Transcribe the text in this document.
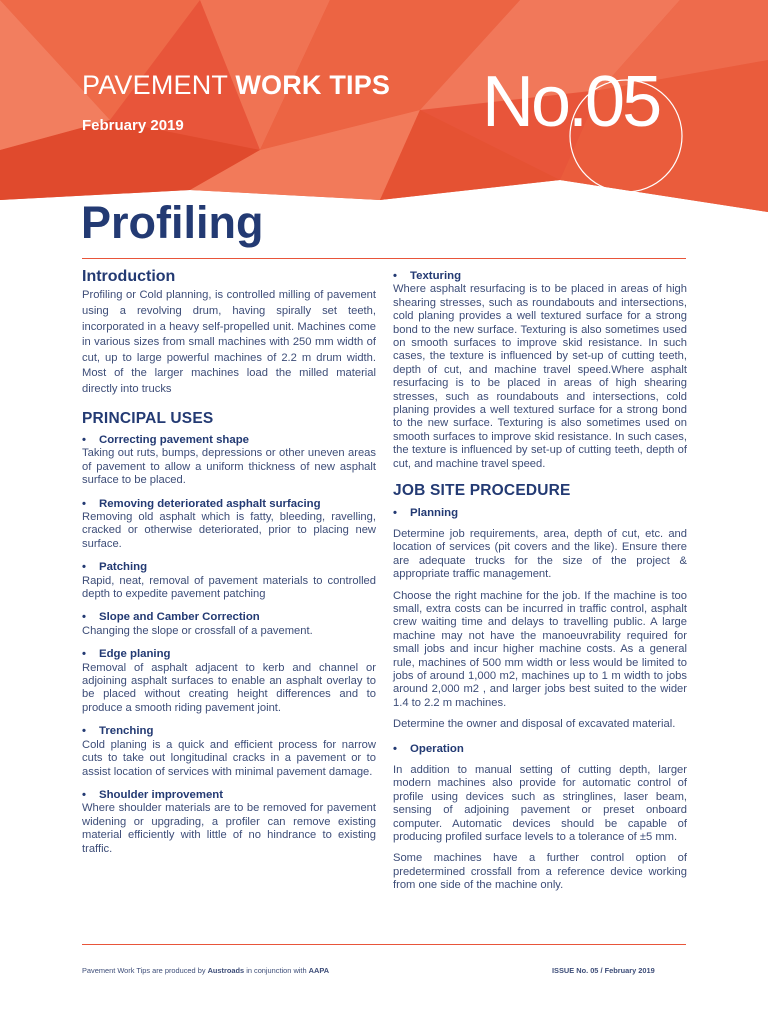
PAVEMENT WORK TIPS
February 2019	No.05
Profiling
Introduction

Profiling or Cold planning, is controlled milling of pavement using a revolving drum, having spirally set teeth, incorporated in a heavy self-propelled unit. Machines come in various sizes from small machines with 250 mm width of cut, up to large powerful machines of 2.2 m drum width. Most of the larger machines load the milled material directly into trucks

PRINCIPAL USES
• Correcting pavement shape

Taking out ruts, bumps, depressions or other uneven areas of pavement to allow a uniform thickness of new asphalt surface to be placed.

• Removing deteriorated asphalt surfacing

Removing old asphalt which is fatty, bleeding, ravelling, cracked or otherwise deteriorated, prior to placing new surface.

• Patching

Rapid, neat, removal of pavement materials to controlled depth to expedite pavement patching

• Slope and Camber Correction

Changing the slope or crossfall of a pavement.

• Edge planing

Removal of asphalt adjacent to kerb and channel or adjoining asphalt surfaces to enable an asphalt overlay to be placed without creating height differences and to produce a smooth riding pavement joint.

• Trenching

Cold planing is a quick and efficient process for narrow cuts to take out longitudinal cracks in a pavement or to assist location of services with minimal pavement damage.

• Shoulder improvement

Where shoulder materials are to be removed for pavement widening or upgrading, a profiler can remove existing material efficiently with little of no hindrance to existing traffic.

• Texturing

Where asphalt resurfacing is to be placed in areas of high shearing stresses, such as roundabouts and intersections, cold planing provides a well textured surface for a strong bond to the new surface. Texturing is also sometimes used on smooth surfaces to improve skid resistance. In such cases, the texture is influenced by set-up of cutting teeth, depth of cut, and machine travel speed.Where asphalt resurfacing is to be placed in areas of high shearing stresses, such as roundabouts and intersections, cold planing provides a well textured surface for a strong bond to the new surface. Texturing is also sometimes used on smooth surfaces to improve skid resistance. In such cases, the texture is influenced by set-up of cutting teeth, depth of cut, and machine travel speed.

JOB SITE PROCEDURE
• Planning

Determine job requirements, area, depth of cut, etc. and location of services (pit covers and the like). Ensure there are adequate trucks for the size of the project & appropriate traffic management.

Choose the right machine for the job. If the machine is too small, extra costs can be incurred in traffic control, asphalt crew waiting time and delays to travelling public. A large machine may not have the manoeuvrability required for small jobs and incur higher machine costs. As a general rule, machines of 500 mm width or less would be limited to jobs of around 1,000 m2, machines up to 1 m width to jobs around 2,000 m2 , and larger jobs best suited to the wider 1.4 to 2.2 m machines.

Determine the owner and disposal of excavated material.

• Operation

In addition to manual setting of cutting depth, larger modern machines also provide for automatic control of profile using devices such as stringlines, laser beam, sensing of adjoining pavement or preset onboard computer. Automatic devices should be capable of producing profiled surface levels to a tolerance of ±5 mm.

Some machines have a further control option of predetermined crossfall from a reference device working from one side of the machine only.

Pavement Work Tips are produced by Austroads in conjunction with AAPA	ISSUE No. 05 / February 2019
